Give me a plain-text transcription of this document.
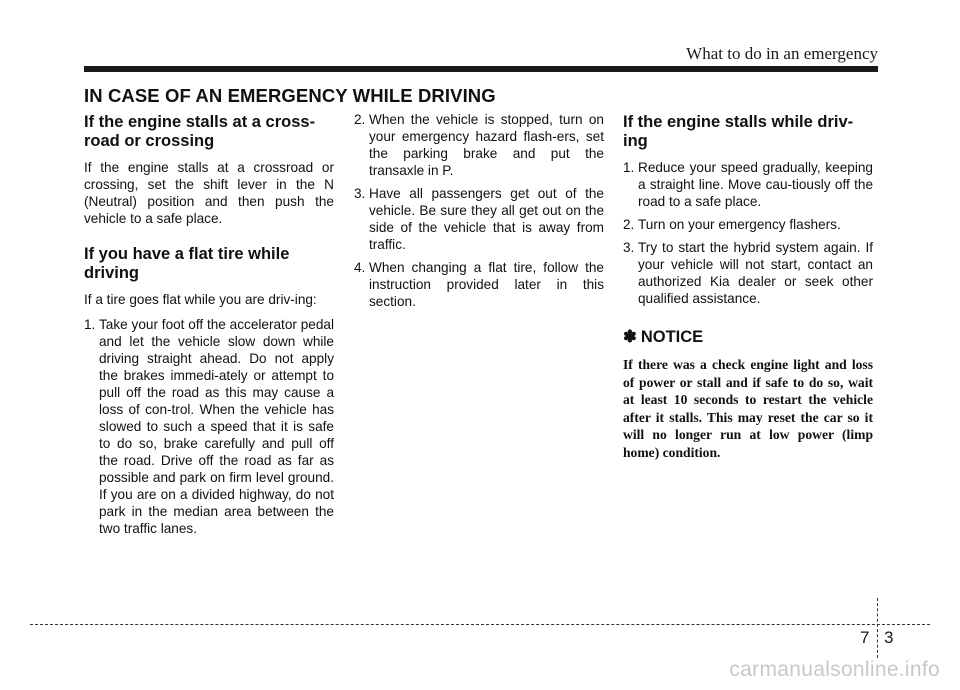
What to do in an emergency
IN CASE OF AN EMERGENCY WHILE DRIVING
If the engine stalls at a cross-road or crossing

If the engine stalls at a crossroad or crossing, set the shift lever in the N (Neutral) position and then push the vehicle to a safe place.

If you have a flat tire while driving

If a tire goes flat while you are driv-ing:

1. Take your foot off the accelerator pedal and let the vehicle slow down while driving straight ahead. Do not apply the brakes immedi-ately or attempt to pull off the road as this may cause a loss of con-trol. When the vehicle has slowed to such a speed that it is safe to do so, brake carefully and pull off the road. Drive off the road as far as possible and park on firm level ground. If you are on a divided highway, do not park in the median area between the two traffic lanes.
2. When the vehicle is stopped, turn on your emergency hazard flash-ers, set the parking brake and put the transaxle in P.
3. Have all passengers get out of the vehicle. Be sure they all get out on the side of the vehicle that is away from traffic.
4. When changing a flat tire, follow the instruction provided later in this section.
If the engine stalls while driv-ing
1. Reduce your speed gradually, keeping a straight line. Move cau-tiously off the road to a safe place.
2. Turn on your emergency flashers.
3. Try to start the hybrid system again. If your vehicle will not start, contact an authorized Kia dealer or seek other qualified assistance.
✽ NOTICE
If there was a check engine light and loss of power or stall and if safe to do so, wait at least 10 seconds to restart the vehicle after it stalls. This may reset the car so it will no longer run at low power (limp home) condition.
7 3
carmanualsonline.info
